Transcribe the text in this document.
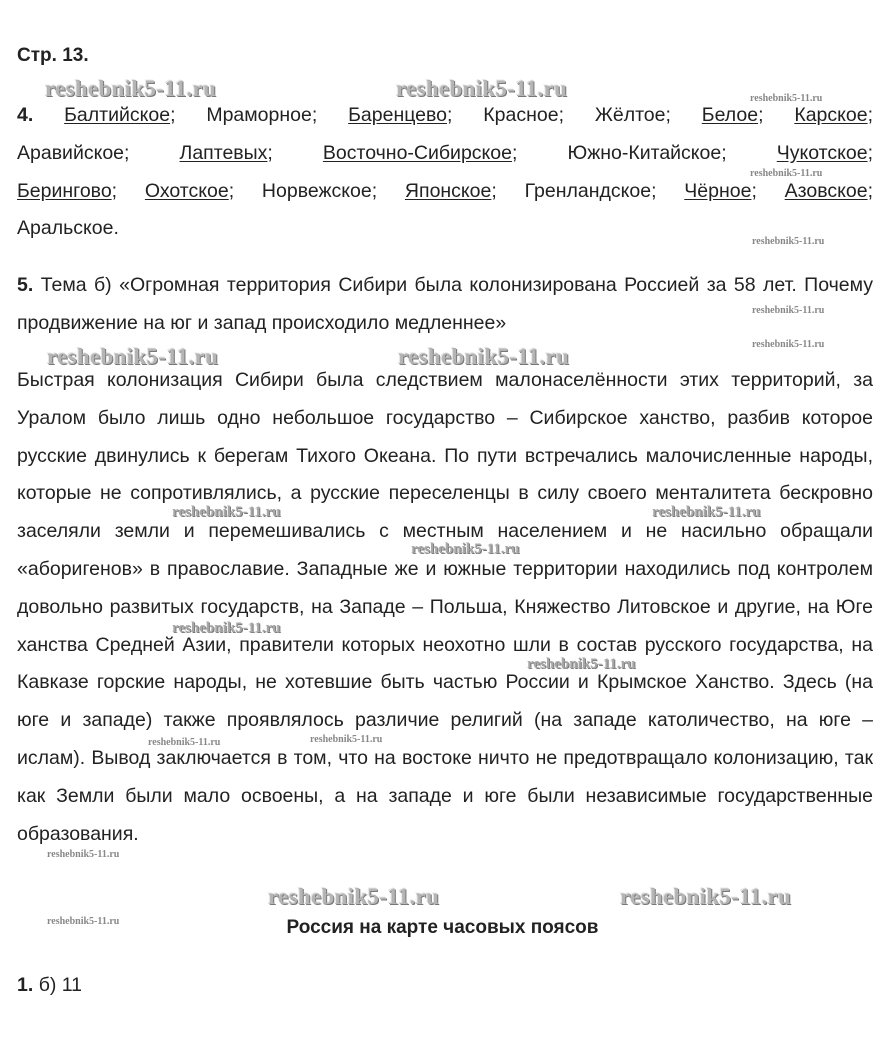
Стр. 13.
4. Балтийское; Мраморное; Баренцево; Красное; Жёлтое; Белое; Карское;
Аравийское;	Лаптевых;	Восточно-Сибирское;	Южно-Китайское;	Чукотское;
Берингово; Охотское; Норвежское; Японское; Гренландское; Чёрное; Азовское;
Аральское.
5. Тема б) «Огромная территория Сибири была колонизирована Россией за 58 лет. Почему продвижение на юг и запад происходило медленнее»
Быстрая колонизация Сибири была следствием малонаселённости этих территорий, за Уралом было лишь одно небольшое государство – Сибирское ханство, разбив которое русские двинулись к берегам Тихого Океана. По пути встречались малочисленные народы, которые не сопротивлялись, а русские переселенцы в силу своего менталитета бескровно заселяли земли и перемешивались с местным населением и не насильно обращали «аборигенов» в православие. Западные же и южные территории находились под контролем довольно развитых государств, на Западе – Польша, Княжество Литовское и другие, на Юге ханства Средней Азии, правители которых неохотно шли в состав русского государства, на Кавказе горские народы, не хотевшие быть частью России и Крымское Ханство. Здесь (на юге и западе) также проявлялось различие религий (на западе католичество, на юге – ислам). Вывод заключается в том, что на востоке ничто не предотвращало колонизацию, так как Земли были мало освоены, а на западе и юге были независимые государственные образования.
Россия на карте часовых поясов
1. б) 11
reshebnik5-11.ru	reshebnik5-11.ru	reshebnik5-11.ru
reshebnik5-11.ru
reshebnik5-11.ru
reshebnik5-11.ru
reshebnik5-11.ru
reshebnik5-11.ru	reshebnik5-11.ru
reshebnik5-11.ru	reshebnik5-11.ru
reshebnik5-11.ru
reshebnik5-11.ru
reshebnik5-11.ru
reshebnik5-11.ru	reshebnik5-11.ru
reshebnik5-11.ru
reshebnik5-11.ru	reshebnik5-11.ru
reshebnik5-11.ru
